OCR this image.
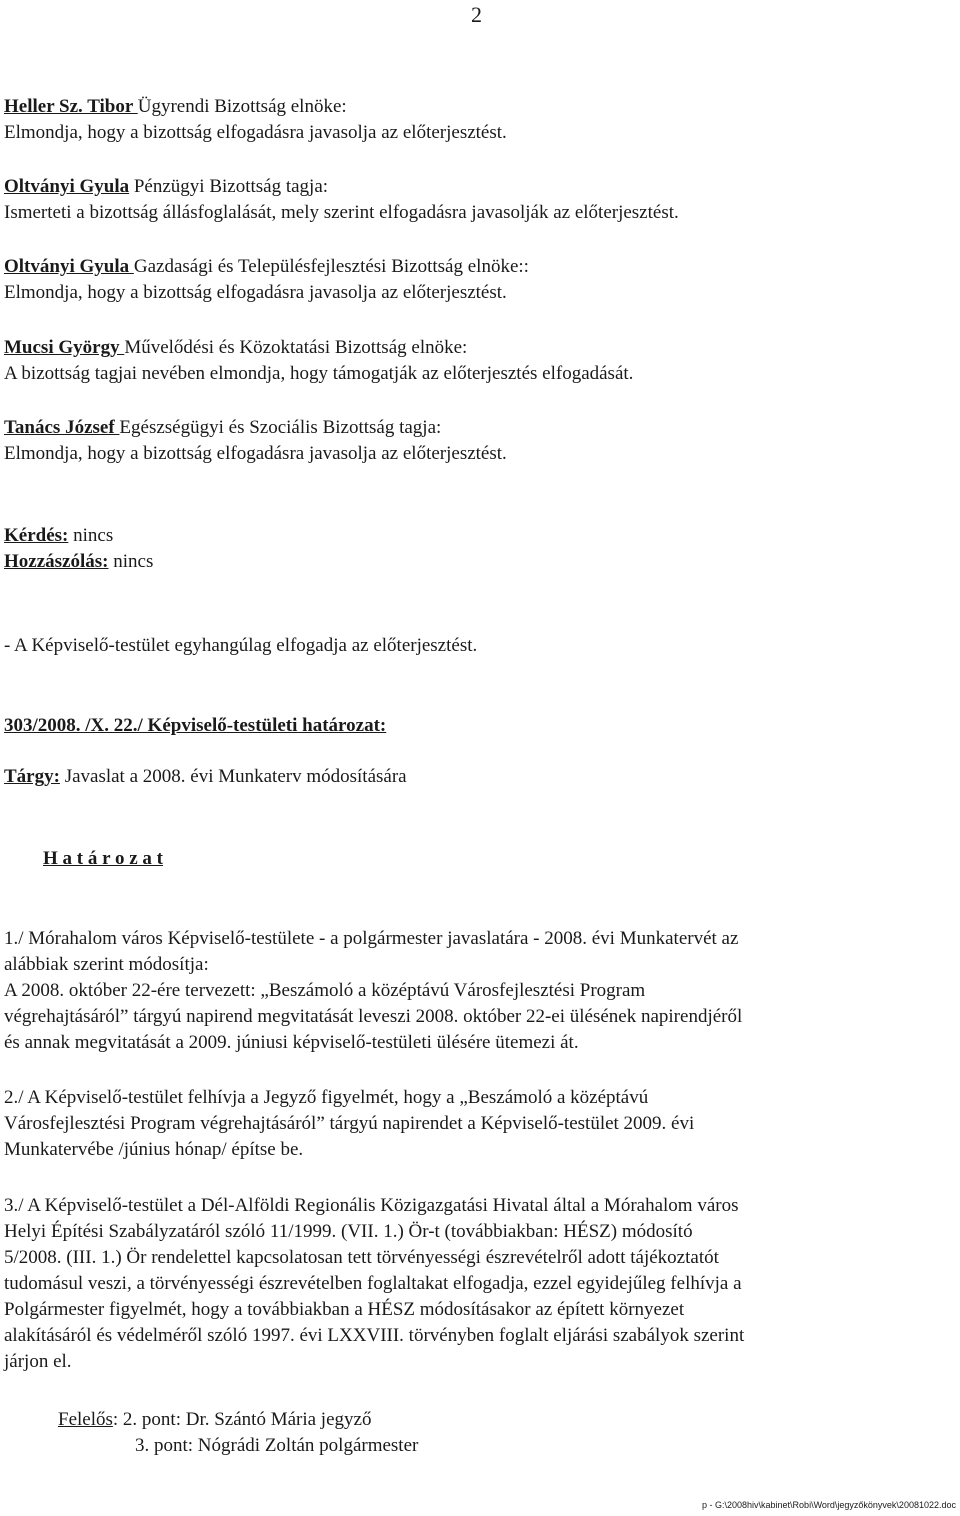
2
Heller Sz. Tibor Ügyrendi Bizottság elnöke:
Elmondja, hogy a bizottság elfogadásra javasolja az előterjesztést.
Oltványi Gyula Pénzügyi Bizottság tagja:
Ismerteti a bizottság állásfoglalását, mely szerint elfogadásra javasolják az előterjesztést.
Oltványi Gyula Gazdasági és Településfejlesztési Bizottság elnöke::
Elmondja, hogy a bizottság elfogadásra javasolja az előterjesztést.
Mucsi György Művelődési és Közoktatási Bizottság elnöke:
A bizottság tagjai nevében elmondja, hogy támogatják az előterjesztés elfogadását.
Tanács József Egészségügyi és Szociális Bizottság tagja:
Elmondja, hogy a bizottság elfogadásra javasolja az előterjesztést.
Kérdés: nincs
Hozzászólás: nincs
- A Képviselő-testület egyhangúlag elfogadja az előterjesztést.
303/2008. /X. 22./ Képviselő-testületi határozat:
Tárgy: Javaslat a 2008. évi Munkaterv módosítására
H a t á r o z a t
1./ Mórahalom város Képviselő-testülete - a polgármester javaslatára - 2008. évi Munkatervét az
alábbiak szerint módosítja:
A 2008. október 22-ére tervezett: „Beszámoló a középtávú Városfejlesztési Program
végrehajtásáról” tárgyú napirend megvitatását leveszi 2008. október 22-ei ülésének napirendjéről
és annak megvitatását a 2009. júniusi képviselő-testületi ülésére ütemezi át.
2./ A Képviselő-testület felhívja a Jegyző figyelmét, hogy a „Beszámoló a középtávú
Városfejlesztési Program végrehajtásáról” tárgyú napirendet a Képviselő-testület 2009. évi
Munkatervébe /június hónap/ építse be.
3./ A Képviselő-testület a Dél-Alföldi Regionális Közigazgatási Hivatal által a Mórahalom város
Helyi Építési Szabályzatáról szóló 11/1999. (VII. 1.) Ör-t (továbbiakban: HÉSZ) módosító
5/2008. (III. 1.) Ör rendelettel kapcsolatosan tett törvényességi észrevételről adott tájékoztatót
tudomásul veszi, a törvényességi észrevételben foglaltakat elfogadja, ezzel egyidejűleg felhívja a
Polgármester figyelmét, hogy a továbbiakban a HÉSZ módosításakor az épített környezet
alakításáról és védelméről szóló 1997. évi LXXVIII. törvényben foglalt eljárási szabályok szerint
járjon el.
Felelős: 2. pont: Dr. Szántó Mária jegyző
3. pont: Nógrádi Zoltán polgármester
p - G:\2008hiv\kabinet\Robi\Word\jegyzőkönyvek\20081022.doc
